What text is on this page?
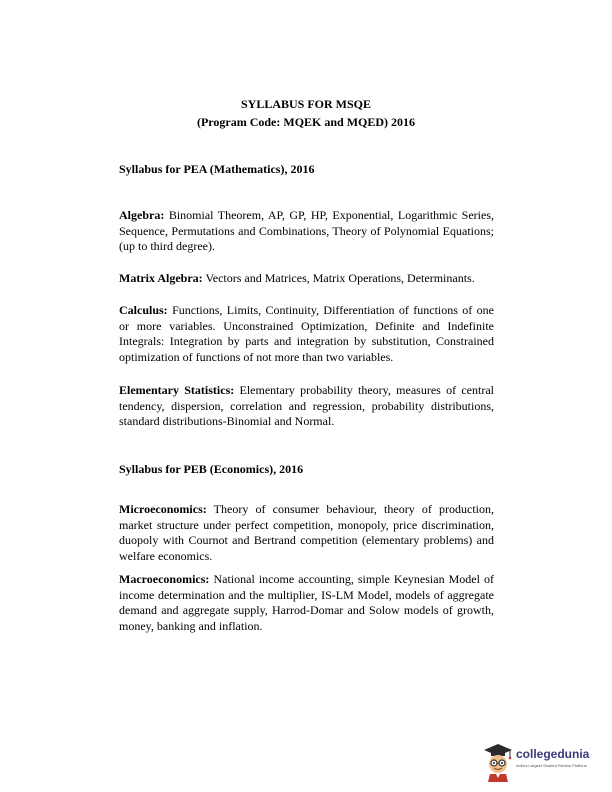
SYLLABUS FOR MSQE
(Program Code: MQEK and MQED) 2016
Syllabus for PEA (Mathematics), 2016
Algebra: Binomial Theorem, AP, GP, HP, Exponential, Logarithmic Series, Sequence, Permutations and Combinations, Theory of Polynomial Equations; (up to third degree).
Matrix Algebra: Vectors and Matrices, Matrix Operations, Determinants.
Calculus: Functions, Limits, Continuity, Differentiation of functions of one or more variables. Unconstrained Optimization, Definite and Indefinite Integrals: Integration by parts and integration by substitution, Constrained optimization of functions of not more than two variables.
Elementary Statistics: Elementary probability theory, measures of central tendency, dispersion, correlation and regression, probability distributions, standard distributions-Binomial and Normal.
Syllabus for PEB (Economics), 2016
Microeconomics: Theory of consumer behaviour, theory of production, market structure under perfect competition, monopoly, price discrimination, duopoly with Cournot and Bertrand competition (elementary problems) and welfare economics.
Macroeconomics: National income accounting, simple Keynesian Model of income determination and the multiplier, IS-LM Model, models of aggregate demand and aggregate supply, Harrod-Domar and Solow models of growth, money, banking and inflation.
collegedunia
India's Largest Student Review Platform
